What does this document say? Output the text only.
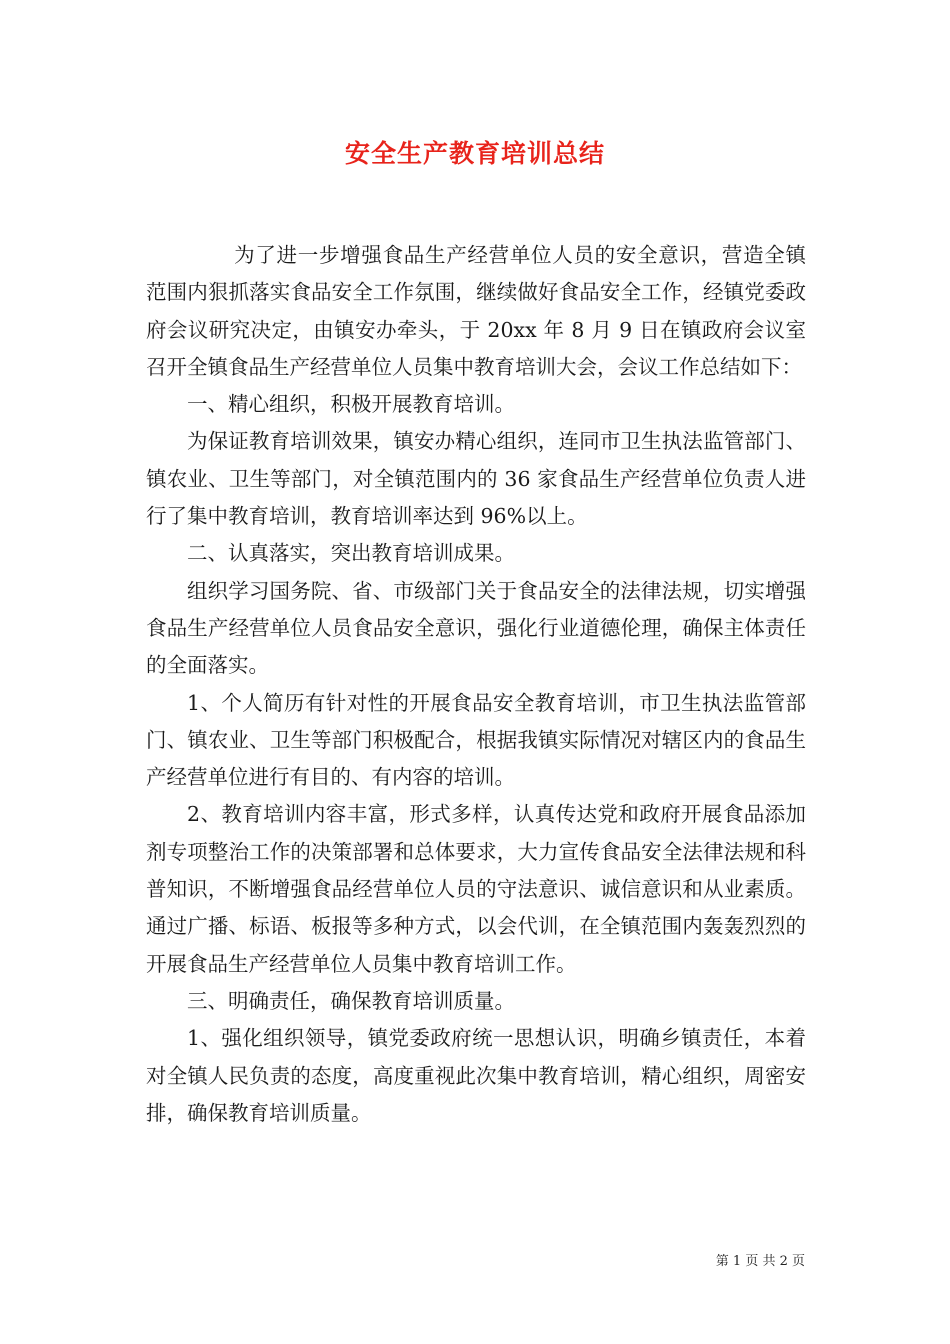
安全生产教育培训总结

为了进一步增强食品生产经营单位人员的安全意识，营造全镇范围内狠抓落实食品安全工作氛围，继续做好食品安全工作，经镇党委政府会议研究决定，由镇安办牵头，于 20xx 年 8 月 9 日在镇政府会议室召开全镇食品生产经营单位人员集中教育培训大会，会议工作总结如下：

一、精心组织，积极开展教育培训。

为保证教育培训效果，镇安办精心组织，连同市卫生执法监管部门、镇农业、卫生等部门，对全镇范围内的 36 家食品生产经营单位负责人进行了集中教育培训，教育培训率达到 96%以上。

二、认真落实，突出教育培训成果。

组织学习国务院、省、市级部门关于食品安全的法律法规，切实增强食品生产经营单位人员食品安全意识，强化行业道德伦理，确保主体责任的全面落实。

1、个人简历有针对性的开展食品安全教育培训，市卫生执法监管部门、镇农业、卫生等部门积极配合，根据我镇实际情况对辖区内的食品生产经营单位进行有目的、有内容的培训。

2、教育培训内容丰富，形式多样，认真传达党和政府开展食品添加剂专项整治工作的决策部署和总体要求，大力宣传食品安全法律法规和科普知识，不断增强食品经营单位人员的守法意识、诚信意识和从业素质。通过广播、标语、板报等多种方式，以会代训，在全镇范围内轰轰烈烈的开展食品生产经营单位人员集中教育培训工作。

三、明确责任，确保教育培训质量。

1、强化组织领导，镇党委政府统一思想认识，明确乡镇责任，本着对全镇人民负责的态度，高度重视此次集中教育培训，精心组织，周密安排，确保教育培训质量。

第 1 页 共 2 页
